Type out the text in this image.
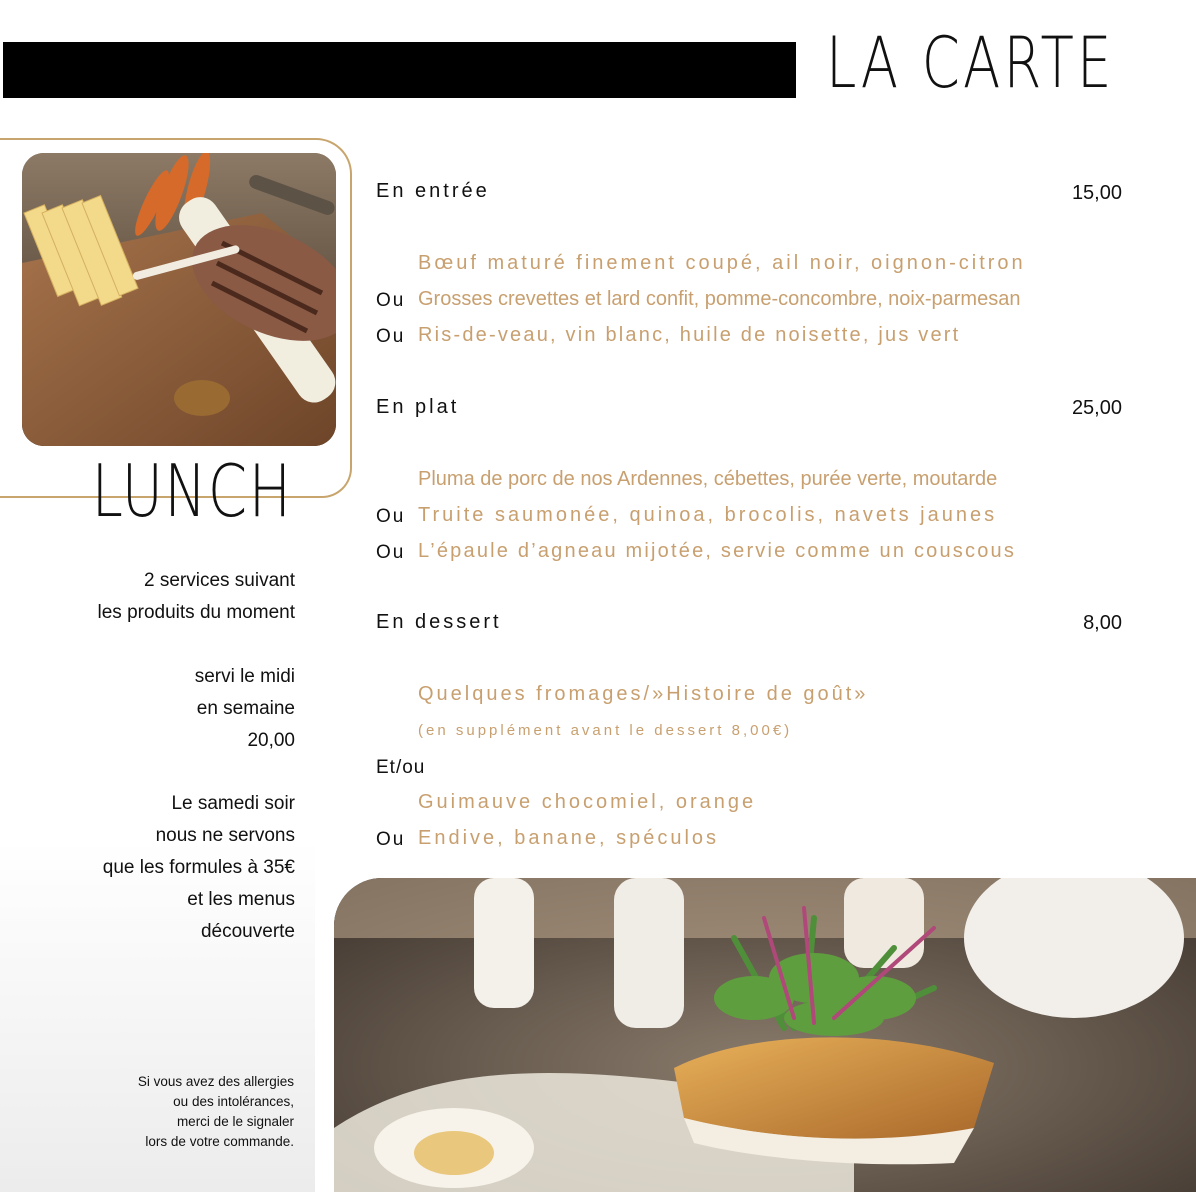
LA CARTE
LUNCH
2 services suivant
les produits du moment
servi le midi
en semaine
20,00
Le samedi soir
nous ne servons
que les formules à 35€
et les menus
découverte
Si vous avez des allergies
ou des intolérances,
merci de le signaler
lors de votre commande.
En entrée	15,00
Bœuf maturé finement coupé, ail noir, oignon-citron
Ou Grosses crevettes et lard confit, pomme-concombre, noix-parmesan
Ou Ris-de-veau, vin blanc, huile de noisette, jus vert
En plat	25,00
Pluma de porc de nos Ardennes, cébettes, purée verte, moutarde
Ou Truite saumonée, quinoa, brocolis, navets jaunes
Ou L’épaule d’agneau mijotée, servie comme un couscous
En dessert	8,00
Quelques fromages/»Histoire de goût»
(en supplément avant le dessert 8,00€)
Et/ou
Guimauve chocomiel, orange
Ou Endive, banane, spéculos
